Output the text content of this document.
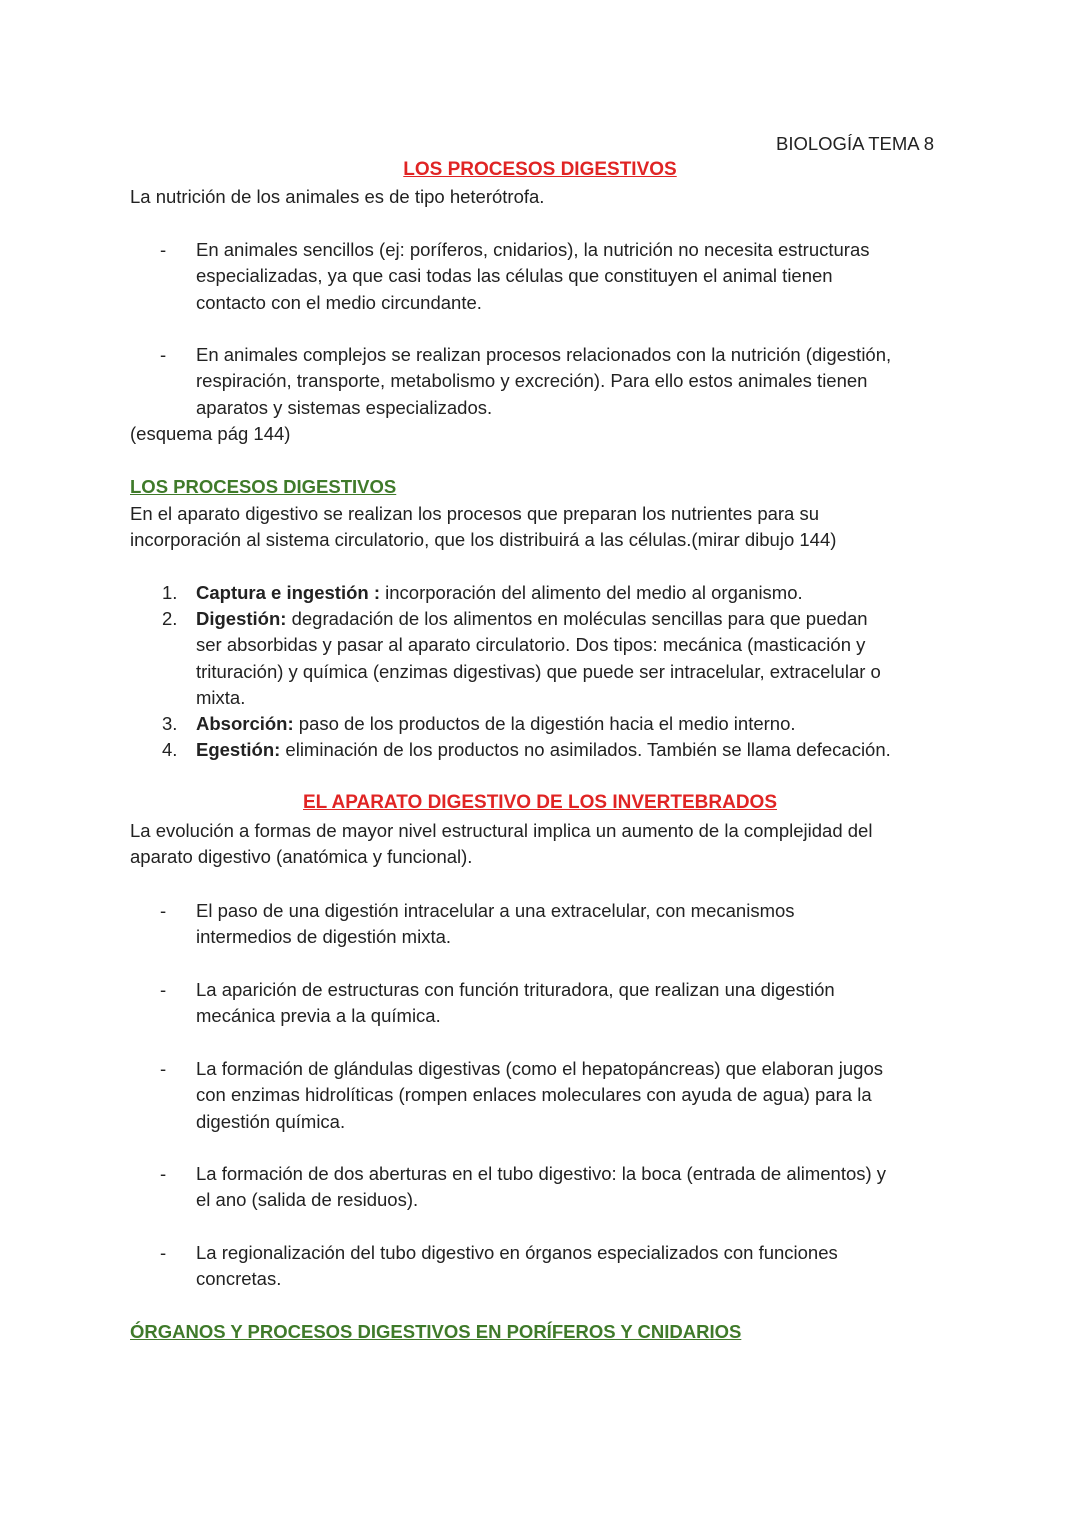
BIOLOGÍA TEMA 8

LOS PROCESOS DIGESTIVOS

La nutrición de los animales es de tipo heterótrofa.

-	En animales sencillos (ej: poríferos, cnidarios), la nutrición no necesita estructuras
especializadas, ya que casi todas las células que constituyen el animal tienen
contacto con el medio circundante.
-	En animales complejos se realizan procesos relacionados con la nutrición (digestión,
respiración, transporte, metabolismo y excreción). Para ello estos animales tienen
aparatos y sistemas especializados.

(esquema pág 144)

LOS PROCESOS DIGESTIVOS

En el aparato digestivo se realizan los procesos que preparan los nutrientes para su

incorporación al sistema circulatorio, que los distribuirá a las células.(mirar dibujo 144)

1.	Captura e ingestión : incorporación del alimento del medio al organismo.
2.	Digestión: degradación de los alimentos en moléculas sencillas para que puedan
ser absorbidas y pasar al aparato circulatorio. Dos tipos: mecánica (masticación y
trituración) y química (enzimas digestivas) que puede ser intracelular, extracelular o
mixta.
3.	Absorción: paso de los productos de la digestión hacia el medio interno.
4.	Egestión: eliminación de los productos no asimilados. También se llama defecación.
EL APARATO DIGESTIVO DE LOS INVERTEBRADOS

La evolución a formas de mayor nivel estructural implica un aumento de la complejidad del

aparato digestivo (anatómica y funcional).

-	El paso de una digestión intracelular a una extracelular, con mecanismos
intermedios de digestión mixta.
-	La aparición de estructuras con función trituradora, que realizan una digestión
mecánica previa a la química.
-	La formación de glándulas digestivas (como el hepatopáncreas) que elaboran jugos
con enzimas hidrolíticas (rompen enlaces moleculares con ayuda de agua) para la
digestión química.
-	La formación de dos aberturas en el tubo digestivo: la boca (entrada de alimentos) y
el ano (salida de residuos).
-	La regionalización del tubo digestivo en órganos especializados con funciones
concretas.
ÓRGANOS Y PROCESOS DIGESTIVOS EN PORÍFEROS Y CNIDARIOS
